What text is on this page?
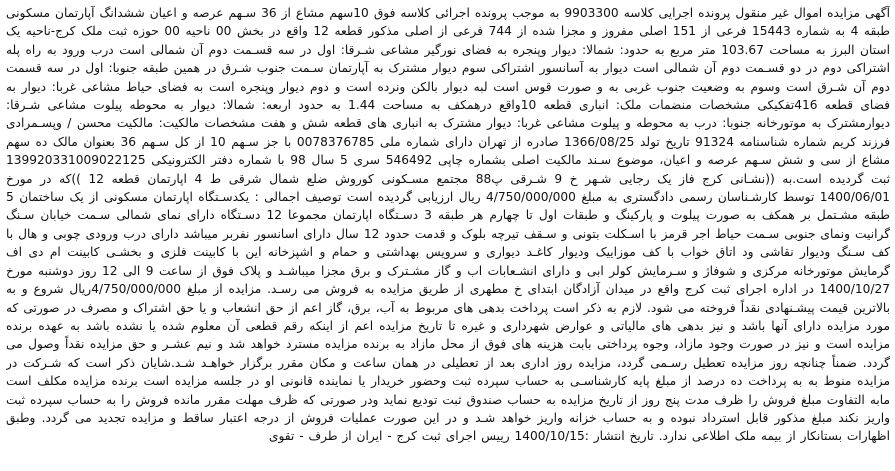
آگهی مزایده اموال غیر منقول پرونده اجرایی کلاسه 9903300 به موجب پرونده اجرائی کلاسه فوق 10سهم مشاع از 36 سـهم عرصه و اعیان ششدانگ آپارتمان مسکونی طبقه 4 به شماره 15443 فرعی از 151 اصلی مفروز و مجزا شده از 744 فرعی از اصلی مذکور قطعه 12 واقع در بخش 00 ناحیه 00 حوزه ثبت ملک کرج-ناحیه یک استان البرز به مساحت 103.67 متر مربع به حدود: شمالا: دیوار وپنجره به فضای نورگیر مشاعی شـرقا: اول در سه قسـمت دوم آن شمالی است درب ورود به راه پله اشتراکی دوم در دو قسـمت دوم آن شمالی است دیوار به آسانسور اشتراکی سوم دیوار مشترک به آپارتمان سـمت جنوب شـرق در همین طبقه جنوبا: اول در سه قسمت دوم آن شـرق است وسوم به وضعیت جنوب غربی به و صورت قوس است لبه دیوار بالکن ونرده است و دوم دیوار وپنجره است به فضای حیاط مشاعی غربا: دیوار به فضای قطعه 416تفکیکی مشخصات منضمات ملک: انباری قطعه 10واقع درهمکف به مساحت 1.44 به حدود اربعه: شمالا: دیوار به محوطه پیلوت مشاعی شـرقا: دیوارمشترک به موتورخانه جنوبا: درب به محوطه و پیلوت مشاعی غربا: دیوار مشترک به انباری های قطعه شش و هفت مشخصات مالکیت: مالکیت محسن / وپسـمرادی فرزند کریم شماره شناسنامه 91324 تاریخ تولد 1366/08/25 صادره از تهران دارای شماره ملی 0078376785 با جز سـهم 10 از کل سـهم 36 بعنوان مالک ده سهم مشاع از سی و شش سـهم عرصه و اعیان، موضوع سـند مالکیت اصلی بشماره چاپی 546492 سری 5 سال 98 با شماره دفتر الکترونیکی 139920331009022125 ثبت گردیده است.به ((نشـانی کرج فاز یک رجایی شـهر خ 9 شـرقی پ88 مجتمع مسـکونی کوروش ضلع شمال شرقی ط 4 اپارتمان قطعه 12 ))که در مورخ 1400/06/01 توسط کارشـناسان رسمی دادگستری به مبلغ 4/750/000/000 ریال ارزیابی گردیده است توصیف اجمالی : یکدسـتگاه اپارتمان مسکونی از یک ساختمان 5 طبقه مشـتمل بر همکف به صورت پیلوت و پارکینگ و طبقات اول تا چهارم هر طبقه 3 دسـتگاه اپارتمان مجموعا 12 دسـتگاه دارای نمای شمالی سـمت خیابان سـنگ گرانیت ونمای جنوبی سـمت حیاط اجر قرمز با اسـکلت بتونی و سـقف تیرچه بلوک و قدمت حدود 12 سال دارای اسانسور نفربر میباشد دارای درب ورودی چوبی و هال با کف سـنگ ودیوار نقاشی ود اتاق خواب با کف موزاییک ودیوار کاغـد دیواری و سرویس بهداشتی و حمام و اشپزخانه این با کابینت فلزی و بخشـی کابینت ام دی اف گرمایش موتورخانه مرکزی و شوفاژ و سـرمایش کولر ابی و دارای انشـعابات اب و گاز مشـترک و برق مجزا میباشـد و پلاک فوق از ساعت 9 الی 12 روز دوشنبه مورخ 1400/10/27 در اداره اجرای ثبت کرج واقع در میدان آزادگان ابتدای خ مطهری از طریق مزایده به فروش می رسـد. مزایده از مبلغ 4/750/000/000ریال شروع و به بالاترین قیمت پیشـنهادی نقداً فروخته می شود. لازم به ذکر است پرداخت بدهی های مربوط به آب، برق، گاز اعم از حق انشعاب و یا حق اشتراک و مصرف در صورتی که مورد مزایده دارای آنها باشد و نیز بدهی های مالیاتی و عوارض شهرداری و غیره تا تاریخ مزایده اعم از اینکه رقم قطعی آن معلوم شده یا نشده باشد به عهده برنده مزایده است و نیز در صورت وجود مازاد، وجوه پرداختی بابت هزینه های فوق از محل مازاد به برنده مزایده مسترد خواهد شد و نیم عشـر و حق مزایده نقداً وصول می گردد. ضمناً چنانچه روز مزایده تعطیل رسـمی گردد، مزایده روز اداری بعد از تعطیلی در همان ساعت و مکان مقرر برگزار خواهـد شـد.شایان ذکر است که شـرکت در مزایده منوط به به پرداخت ده درصد از مبلغ پایه کارشناسـی به حساب سپرده ثبت وحضور خریدار یا نماینده قانونی او در جلسه مزایده است برنده مزایده مکلف است مابه التفاوت مبلغ فروش را ظرف مدت پنج روز از تاریخ مزایده به حساب صندوق ثبت تودیع نماید ودر صورتی که ظرف مهلت مقرر مانده فروش را به حساب سپرده ثبت واریز نکند مبلغ مذکور قابل استرداد نبوده و به حساب خزانه واریز خواهد شـد و در این صورت عملیات فروش از درجه اعتبار ساقط و مزایده تجدید می گردد. وطبق اظهارات بستانکار از بیمه ملک اطلاعی ندارد. تاریخ انتشار :1400/10/15 رییس اجرای ثبت کرج - ایران از طرف - تقوی
